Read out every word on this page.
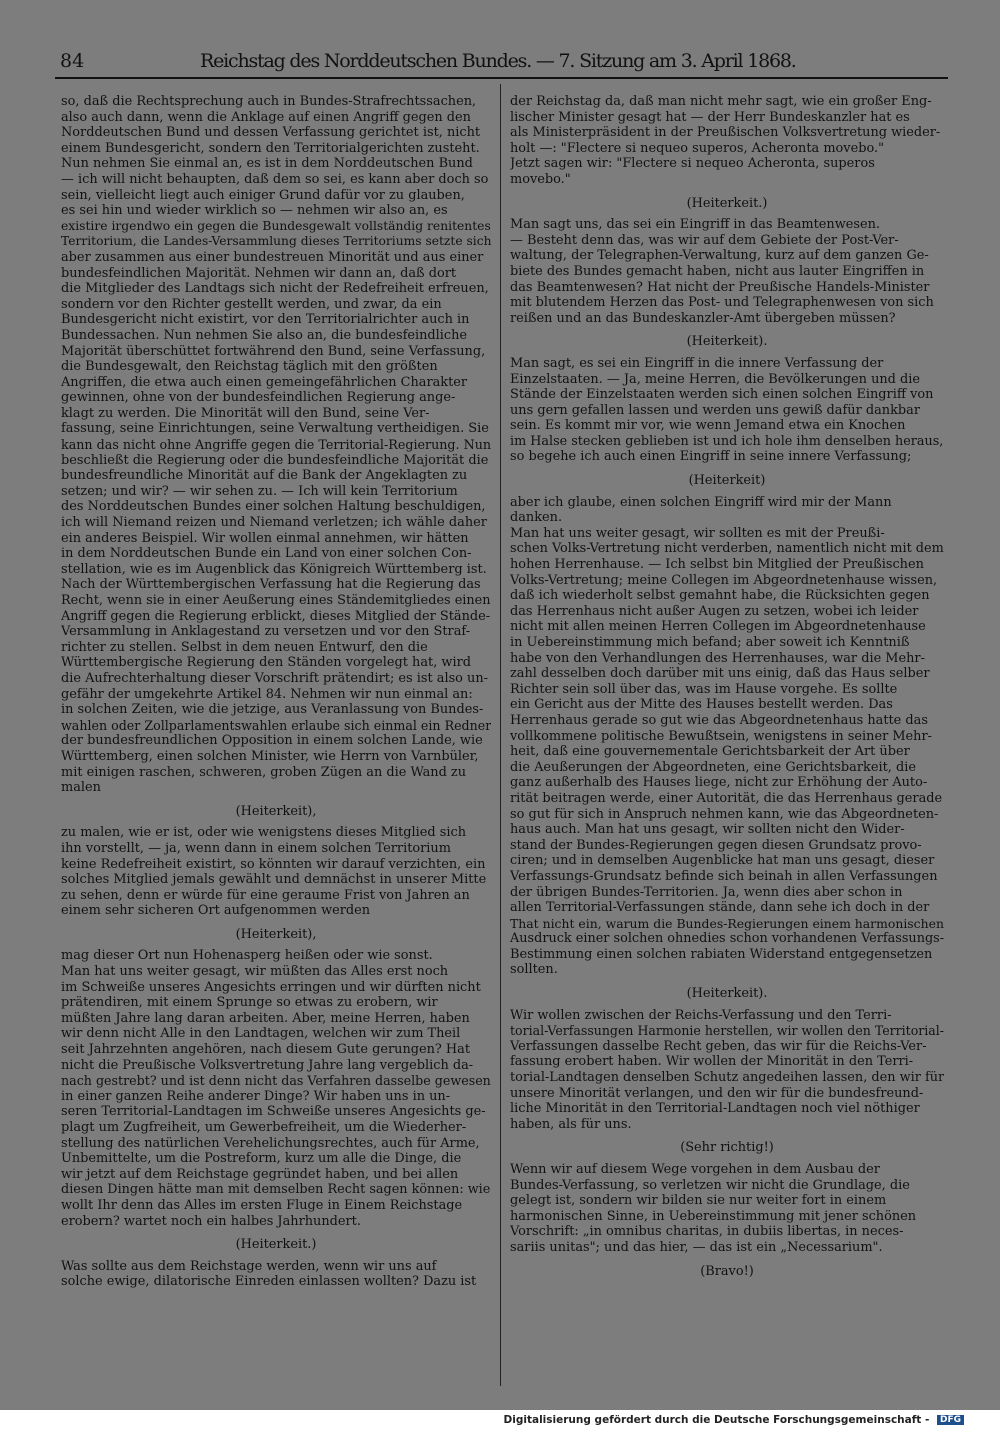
84	Reichstag des Norddeutschen Bundes. — 7. Sitzung am 3. April 1868.
so, daß die Rechtsprechung auch in Bundes-Strafrechtssachen,
also auch dann, wenn die Anklage auf einen Angriff gegen den
Norddeutschen Bund und dessen Verfassung gerichtet ist, nicht
einem Bundesgericht, sondern den Territorialgerichten zusteht.
Nun nehmen Sie einmal an, es ist in dem Norddeutschen Bund
— ich will nicht behaupten, daß dem so sei, es kann aber doch so
sein, vielleicht liegt auch einiger Grund dafür vor zu glauben,
es sei hin und wieder wirklich so — nehmen wir also an, es
existire irgendwo ein gegen die Bundesgewalt vollständig renitentes
Territorium, die Landes-Versammlung dieses Territoriums setzte sich
aber zusammen aus einer bundestreuen Minorität und aus einer
bundesfeindlichen Majorität. Nehmen wir dann an, daß dort
die Mitglieder des Landtags sich nicht der Redefreiheit erfreuen,
sondern vor den Richter gestellt werden, und zwar, da ein
Bundesgericht nicht existirt, vor den Territorialrichter auch in
Bundessachen. Nun nehmen Sie also an, die bundesfeindliche
Majorität überschüttet fortwährend den Bund, seine Verfassung,
die Bundesgewalt, den Reichstag täglich mit den größten
Angriffen, die etwa auch einen gemeingefährlichen Charakter
gewinnen, ohne von der bundesfeindlichen Regierung ange-
klagt zu werden. Die Minorität will den Bund, seine Ver-
fassung, seine Einrichtungen, seine Verwaltung vertheidigen. Sie
kann das nicht ohne Angriffe gegen die Territorial-Regierung. Nun
beschließt die Regierung oder die bundesfeindliche Majorität die
bundesfreundliche Minorität auf die Bank der Angeklagten zu
setzen; und wir? — wir sehen zu. — Ich will kein Territorium
des Norddeutschen Bundes einer solchen Haltung beschuldigen,
ich will Niemand reizen und Niemand verletzen; ich wähle daher
ein anderes Beispiel. Wir wollen einmal annehmen, wir hätten
in dem Norddeutschen Bunde ein Land von einer solchen Con-
stellation, wie es im Augenblick das Königreich Württemberg ist.
Nach der Württembergischen Verfassung hat die Regierung das
Recht, wenn sie in einer Aeußerung eines Ständemitgliedes einen
Angriff gegen die Regierung erblickt, dieses Mitglied der Stände-
Versammlung in Anklagestand zu versetzen und vor den Straf-
richter zu stellen. Selbst in dem neuen Entwurf, den die
Württembergische Regierung den Ständen vorgelegt hat, wird
die Aufrechterhaltung dieser Vorschrift prätendirt; es ist also un-
gefähr der umgekehrte Artikel 84. Nehmen wir nun einmal an:
in solchen Zeiten, wie die jetzige, aus Veranlassung von Bundes-
wahlen oder Zollparlamentswahlen erlaube sich einmal ein Redner
der bundesfreundlichen Opposition in einem solchen Lande, wie
Württemberg, einen solchen Minister, wie Herrn von Varnbüler,
mit einigen raschen, schweren, groben Zügen an die Wand zu
malen
(Heiterkeit),
zu malen, wie er ist, oder wie wenigstens dieses Mitglied sich
ihn vorstellt, — ja, wenn dann in einem solchen Territorium
keine Redefreiheit existirt, so könnten wir darauf verzichten, ein
solches Mitglied jemals gewählt und demnächst in unserer Mitte
zu sehen, denn er würde für eine geraume Frist von Jahren an
einem sehr sicheren Ort aufgenommen werden
(Heiterkeit),
mag dieser Ort nun Hohenasperg heißen oder wie sonst.
Man hat uns weiter gesagt, wir müßten das Alles erst noch
im Schweiße unseres Angesichts erringen und wir dürften nicht
prätendiren, mit einem Sprunge so etwas zu erobern, wir
müßten Jahre lang daran arbeiten. Aber, meine Herren, haben
wir denn nicht Alle in den Landtagen, welchen wir zum Theil
seit Jahrzehnten angehören, nach diesem Gute gerungen? Hat
nicht die Preußische Volksvertretung Jahre lang vergeblich da-
nach gestrebt? und ist denn nicht das Verfahren dasselbe gewesen
in einer ganzen Reihe anderer Dinge? Wir haben uns in un-
seren Territorial-Landtagen im Schweiße unseres Angesichts ge-
plagt um Zugfreiheit, um Gewerbefreiheit, um die Wiederher-
stellung des natürlichen Verehelichungsrechtes, auch für Arme,
Unbemittelte, um die Postreform, kurz um alle die Dinge, die
wir jetzt auf dem Reichstage gegründet haben, und bei allen
diesen Dingen hätte man mit demselben Recht sagen können: wie
wollt Ihr denn das Alles im ersten Fluge in Einem Reichstage
erobern? wartet noch ein halbes Jahrhundert.
(Heiterkeit.)
Was sollte aus dem Reichstage werden, wenn wir uns auf
solche ewige, dilatorische Einreden einlassen wollten? Dazu ist
der Reichstag da, daß man nicht mehr sagt, wie ein großer Eng-
lischer Minister gesagt hat — der Herr Bundeskanzler hat es
als Ministerpräsident in der Preußischen Volksvertretung wieder-
holt —: "Flectere si nequeo superos, Acheronta movebo."
Jetzt sagen wir: "Flectere si nequeo Acheronta, superos
movebo."
(Heiterkeit.)
Man sagt uns, das sei ein Eingriff in das Beamtenwesen.
— Besteht denn das, was wir auf dem Gebiete der Post-Ver-
waltung, der Telegraphen-Verwaltung, kurz auf dem ganzen Ge-
biete des Bundes gemacht haben, nicht aus lauter Eingriffen in
das Beamtenwesen? Hat nicht der Preußische Handels-Minister
mit blutendem Herzen das Post- und Telegraphenwesen von sich
reißen und an das Bundeskanzler-Amt übergeben müssen?
(Heiterkeit).
Man sagt, es sei ein Eingriff in die innere Verfassung der
Einzelstaaten. — Ja, meine Herren, die Bevölkerungen und die
Stände der Einzelstaaten werden sich einen solchen Eingriff von
uns gern gefallen lassen und werden uns gewiß dafür dankbar
sein. Es kommt mir vor, wie wenn Jemand etwa ein Knochen
im Halse stecken geblieben ist und ich hole ihm denselben heraus,
so begehe ich auch einen Eingriff in seine innere Verfassung;
(Heiterkeit)
aber ich glaube, einen solchen Eingriff wird mir der Mann
danken.
Man hat uns weiter gesagt, wir sollten es mit der Preußi-
schen Volks-Vertretung nicht verderben, namentlich nicht mit dem
hohen Herrenhause. — Ich selbst bin Mitglied der Preußischen
Volks-Vertretung; meine Collegen im Abgeordnetenhause wissen,
daß ich wiederholt selbst gemahnt habe, die Rücksichten gegen
das Herrenhaus nicht außer Augen zu setzen, wobei ich leider
nicht mit allen meinen Herren Collegen im Abgeordnetenhause
in Uebereinstimmung mich befand; aber soweit ich Kenntniß
habe von den Verhandlungen des Herrenhauses, war die Mehr-
zahl desselben doch darüber mit uns einig, daß das Haus selber
Richter sein soll über das, was im Hause vorgehe. Es sollte
ein Gericht aus der Mitte des Hauses bestellt werden. Das
Herrenhaus gerade so gut wie das Abgeordnetenhaus hatte das
vollkommene politische Bewußtsein, wenigstens in seiner Mehr-
heit, daß eine gouvernementale Gerichtsbarkeit der Art über
die Aeußerungen der Abgeordneten, eine Gerichtsbarkeit, die
ganz außerhalb des Hauses liege, nicht zur Erhöhung der Auto-
rität beitragen werde, einer Autorität, die das Herrenhaus gerade
so gut für sich in Anspruch nehmen kann, wie das Abgeordneten-
haus auch. Man hat uns gesagt, wir sollten nicht den Wider-
stand der Bundes-Regierungen gegen diesen Grundsatz provo-
ciren; und in demselben Augenblicke hat man uns gesagt, dieser
Verfassungs-Grundsatz befinde sich beinah in allen Verfassungen
der übrigen Bundes-Territorien. Ja, wenn dies aber schon in
allen Territorial-Verfassungen stände, dann sehe ich doch in der
That nicht ein, warum die Bundes-Regierungen einem harmonischen
Ausdruck einer solchen ohnedies schon vorhandenen Verfassungs-
Bestimmung einen solchen rabiaten Widerstand entgegensetzen
sollten.
(Heiterkeit).
Wir wollen zwischen der Reichs-Verfassung und den Terri-
torial-Verfassungen Harmonie herstellen, wir wollen den Territorial-
Verfassungen dasselbe Recht geben, das wir für die Reichs-Ver-
fassung erobert haben. Wir wollen der Minorität in den Terri-
torial-Landtagen denselben Schutz angedeihen lassen, den wir für
unsere Minorität verlangen, und den wir für die bundesfreund-
liche Minorität in den Territorial-Landtagen noch viel nöthiger
haben, als für uns.
(Sehr richtig!)
Wenn wir auf diesem Wege vorgehen in dem Ausbau der
Bundes-Verfassung, so verletzen wir nicht die Grundlage, die
gelegt ist, sondern wir bilden sie nur weiter fort in einem
harmonischen Sinne, in Uebereinstimmung mit jener schönen
Vorschrift: „in omnibus charitas, in dubiis libertas, in neces-
sariis unitas"; und das hier, — das ist ein „Necessarium".
(Bravo!)
Digitalisierung gefördert durch die Deutsche Forschungsgemeinschaft - DFG
